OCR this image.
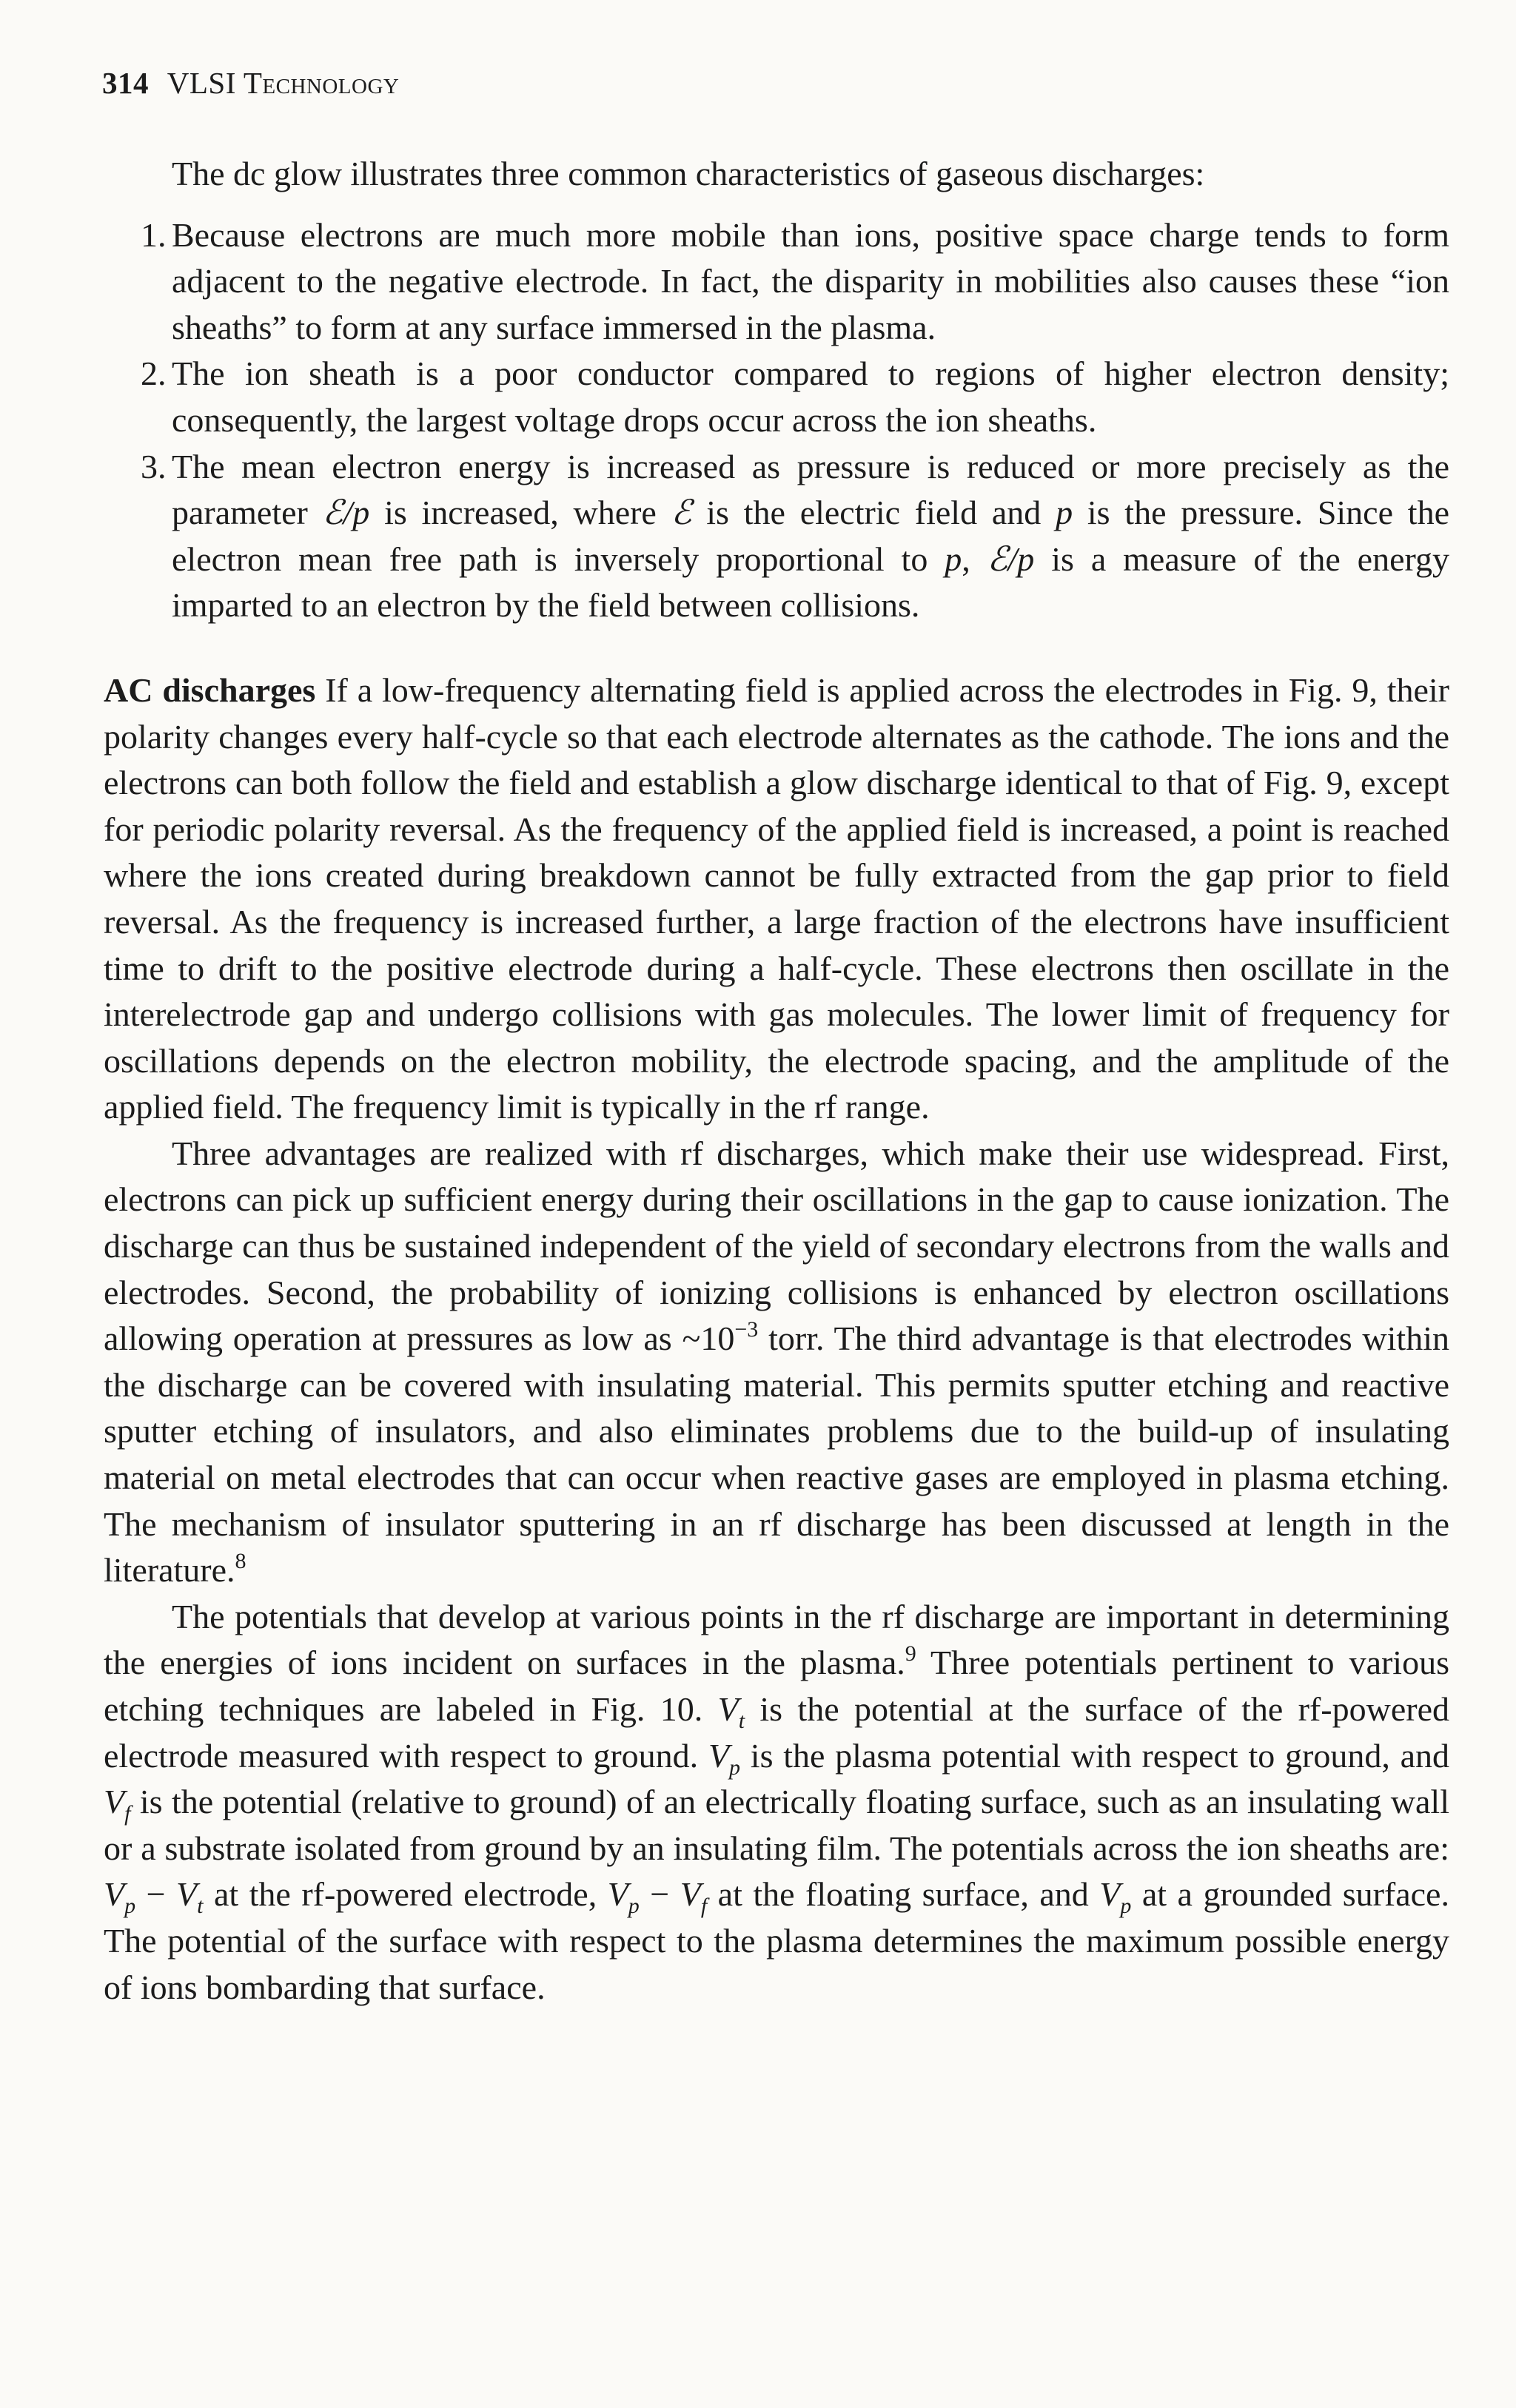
314 VLSI Technology

The dc glow illustrates three common characteristics of gaseous discharges:

1. Because electrons are much more mobile than ions, positive space charge tends to form adjacent to the negative electrode. In fact, the disparity in mobilities also causes these “ion sheaths” to form at any surface immersed in the plasma.
2. The ion sheath is a poor conductor compared to regions of higher electron density; consequently, the largest voltage drops occur across the ion sheaths.
3. The mean electron energy is increased as pressure is reduced or more precisely as the parameter ℰ/p is increased, where ℰ is the electric field and p is the pressure. Since the electron mean free path is inversely proportional to p, ℰ/p is a measure of the energy imparted to an electron by the field between collisions.

AC discharges If a low-frequency alternating field is applied across the electrodes in Fig. 9, their polarity changes every half-cycle so that each electrode alternates as the cathode. The ions and the electrons can both follow the field and establish a glow discharge identical to that of Fig. 9, except for periodic polarity reversal. As the frequency of the applied field is increased, a point is reached where the ions created during breakdown cannot be fully extracted from the gap prior to field reversal. As the frequency is increased further, a large fraction of the electrons have insufficient time to drift to the positive electrode during a half-cycle. These electrons then oscillate in the interelectrode gap and undergo collisions with gas molecules. The lower limit of frequency for oscillations depends on the electron mobility, the electrode spacing, and the amplitude of the applied field. The frequency limit is typically in the rf range.

Three advantages are realized with rf discharges, which make their use widespread. First, electrons can pick up sufficient energy during their oscillations in the gap to cause ionization. The discharge can thus be sustained independent of the yield of secondary electrons from the walls and electrodes. Second, the probability of ionizing collisions is enhanced by electron oscillations allowing operation at pressures as low as $\sim 10^{-3}$ torr. The third advantage is that electrodes within the discharge can be covered with insulating material. This permits sputter etching and reactive sputter etching of insulators, and also eliminates problems due to the build-up of insulating material on metal electrodes that can occur when reactive gases are employed in plasma etching. The mechanism of insulator sputtering in an rf discharge has been discussed at length in the literature.$^8$

The potentials that develop at various points in the rf discharge are important in determining the energies of ions incident on surfaces in the plasma.$^9$ Three potentials pertinent to various etching techniques are labeled in Fig. 10. $V_t$ is the potential at the surface of the rf-powered electrode measured with respect to ground. $V_p$ is the plasma potential with respect to ground, and $V_f$ is the potential (relative to ground) of an electrically floating surface, such as an insulating wall or a substrate isolated from ground by an insulating film. The potentials across the ion sheaths are: $V_p - V_t$ at the rf-powered electrode, $V_p - V_f$ at the floating surface, and $V_p$ at a grounded surface. The potential of the surface with respect to the plasma determines the maximum possible energy of ions bombarding that surface.
